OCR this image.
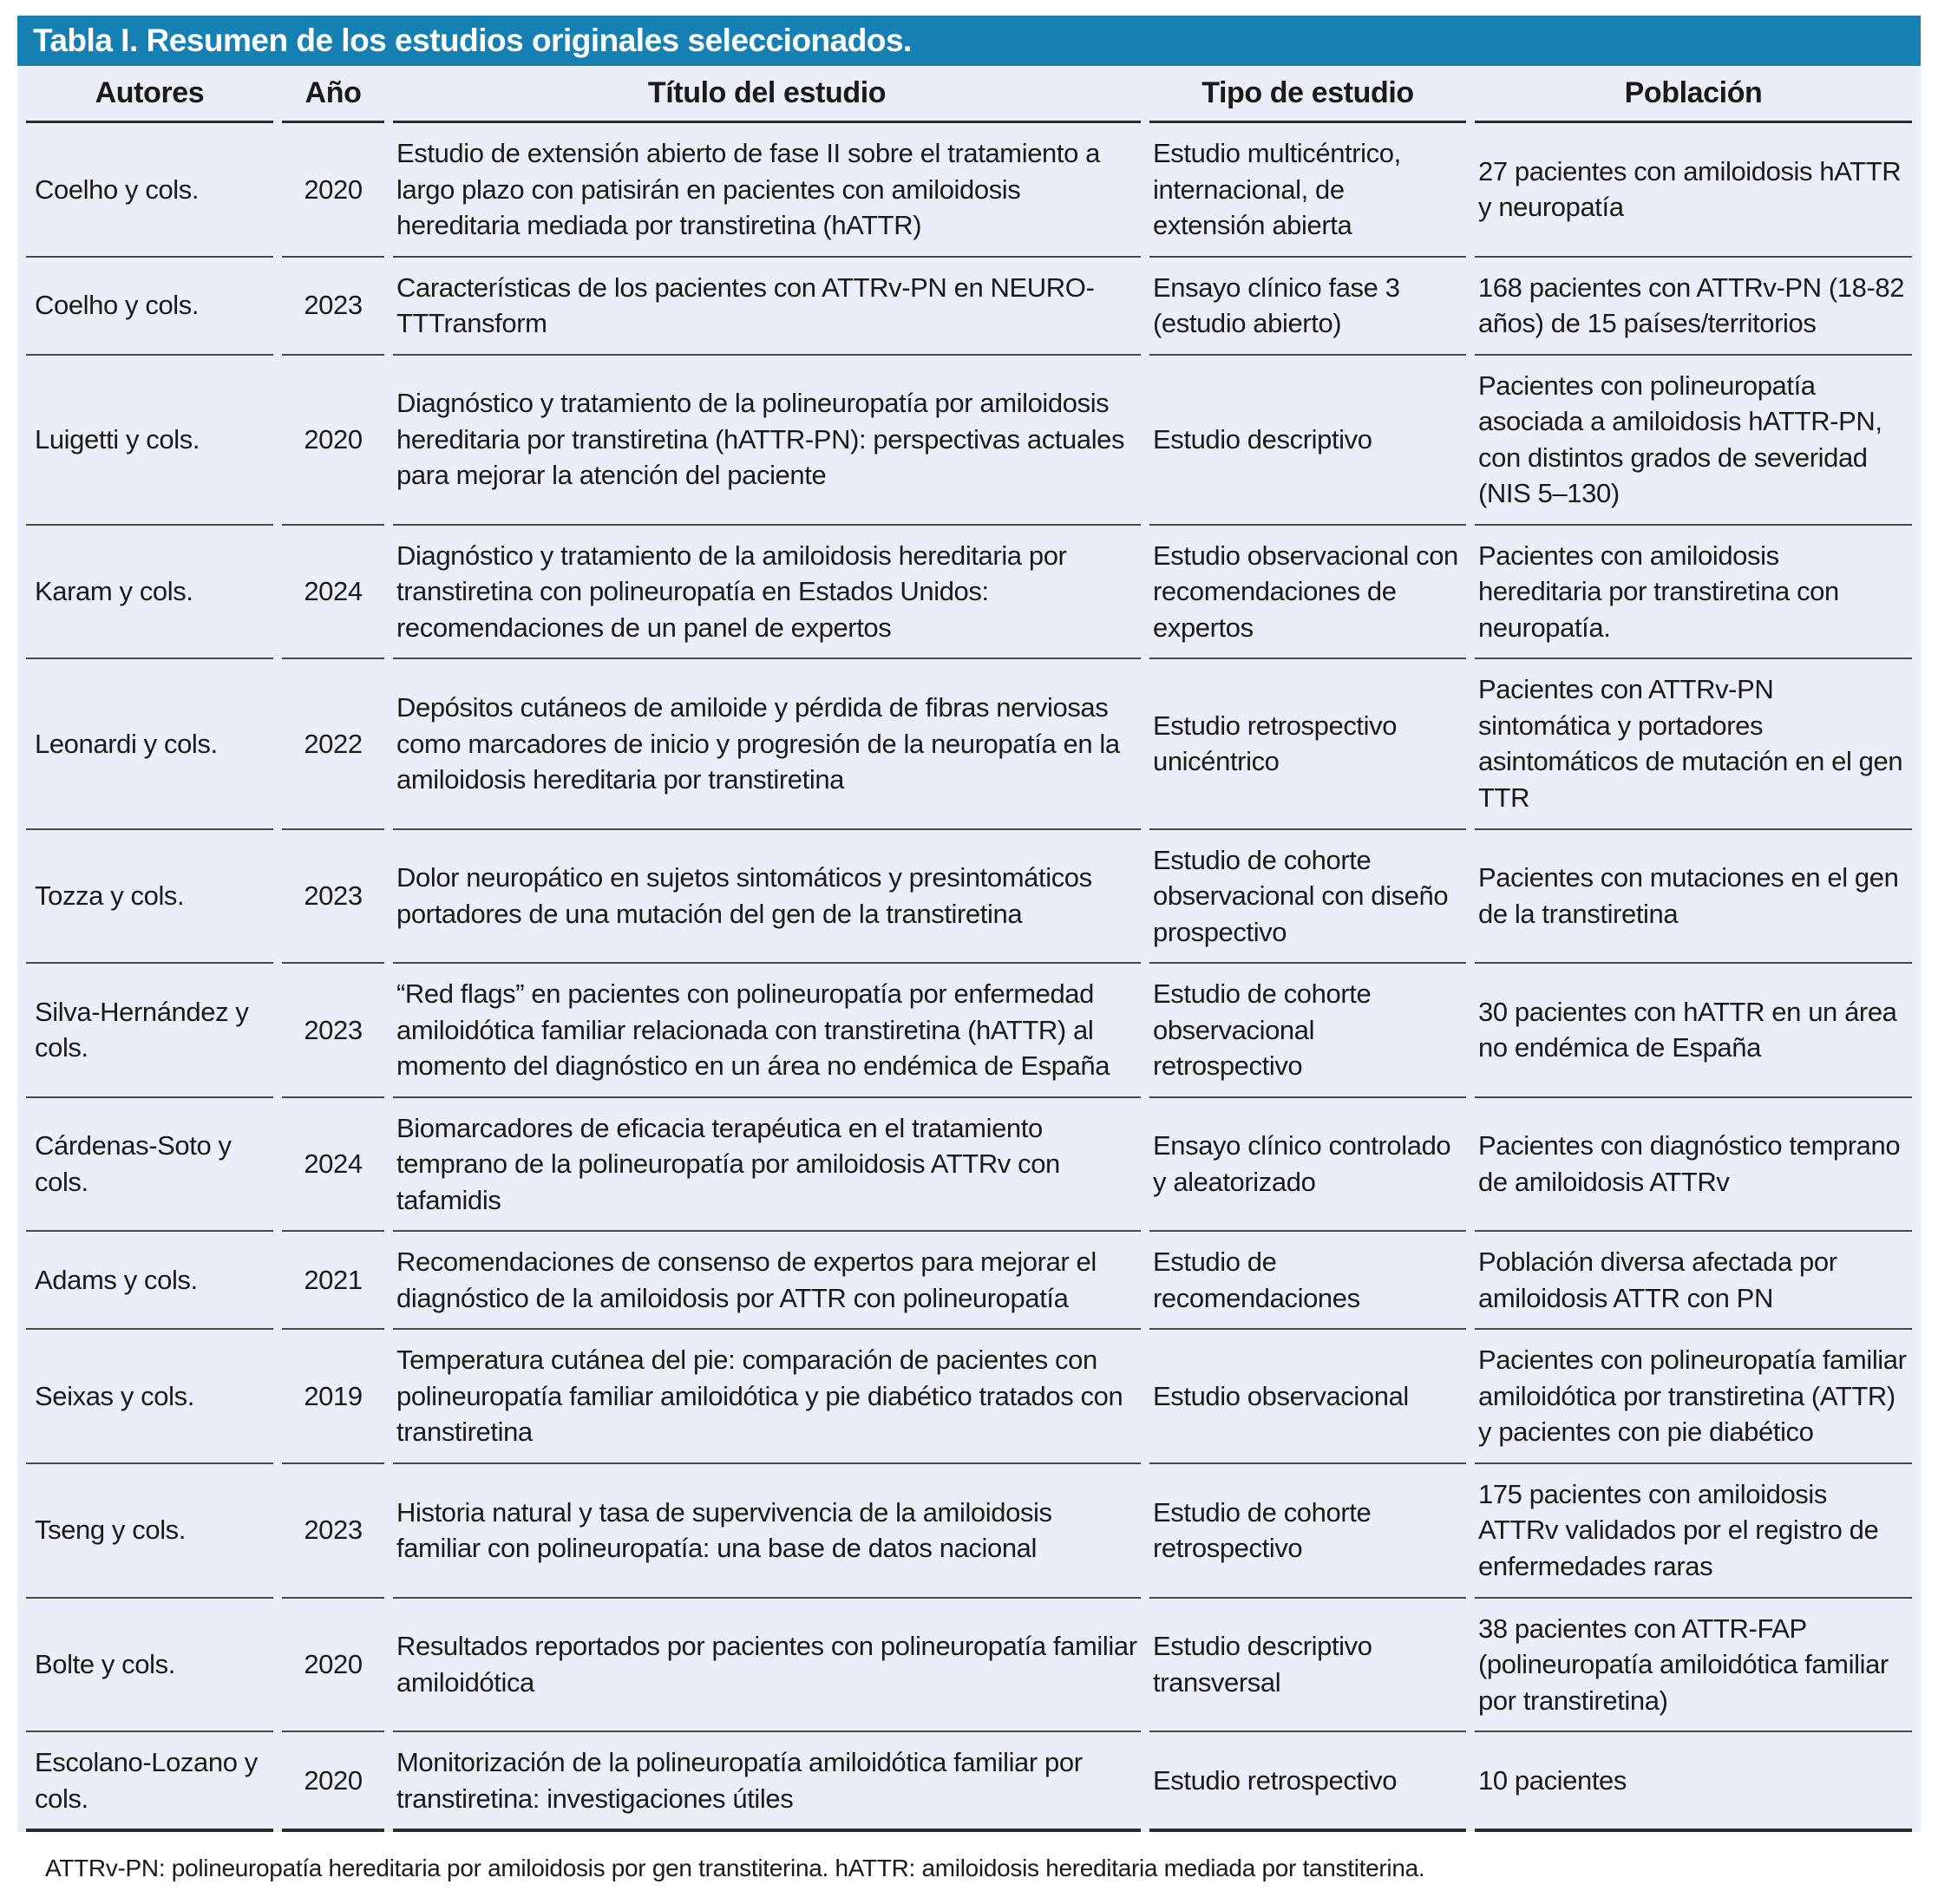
Tabla I. Resumen de los estudios originales seleccionados.
Autores	Año	Título del estudio	Tipo de estudio	Población
Coelho y cols.	2020	Estudio de extensión abierto de fase II sobre el tratamiento a largo plazo con patisirán en pacientes con amiloidosis hereditaria mediada por transtiretina (hATTR)	Estudio multicéntrico, internacional, de extensión abierta	27 pacientes con amiloidosis hATTR y neuropatía
Coelho y cols.	2023	Características de los pacientes con ATTRv-PN en NEURO-TTTransform	Ensayo clínico fase 3 (estudio abierto)	168 pacientes con ATTRv-PN (18-82 años) de 15 países/territorios
Luigetti y cols.	2020	Diagnóstico y tratamiento de la polineuropatía por amiloidosis hereditaria por transtiretina (hATTR-PN): perspectivas actuales para mejorar la atención del paciente	Estudio descriptivo	Pacientes con polineuropatía asociada a amiloidosis hATTR-PN, con distintos grados de severidad (NIS 5–130)
Karam y cols.	2024	Diagnóstico y tratamiento de la amiloidosis hereditaria por transtiretina con polineuropatía en Estados Unidos: recomendaciones de un panel de expertos	Estudio observacional con recomendaciones de expertos	Pacientes con amiloidosis hereditaria por transtiretina con neuropatía.
Leonardi y cols.	2022	Depósitos cutáneos de amiloide y pérdida de fibras nerviosas como marcadores de inicio y progresión de la neuropatía en la amiloidosis hereditaria por transtiretina	Estudio retrospectivo unicéntrico	Pacientes con ATTRv-PN sintomática y portadores asintomáticos de mutación en el gen TTR
Tozza y cols.	2023	Dolor neuropático en sujetos sintomáticos y presintomáticos portadores de una mutación del gen de la transtiretina	Estudio de cohorte observacional con diseño prospectivo	Pacientes con mutaciones en el gen de la transtiretina
Silva-Hernández y cols.	2023	“Red flags” en pacientes con polineuropatía por enfermedad amiloidótica familiar relacionada con transtiretina (hATTR) al momento del diagnóstico en un área no endémica de España	Estudio de cohorte observacional retrospectivo	30 pacientes con hATTR en un área no endémica de España
Cárdenas-Soto y cols.	2024	Biomarcadores de eficacia terapéutica en el tratamiento temprano de la polineuropatía por amiloidosis ATTRv con tafamidis	Ensayo clínico controlado y aleatorizado	Pacientes con diagnóstico temprano de amiloidosis ATTRv
Adams y cols.	2021	Recomendaciones de consenso de expertos para mejorar el diagnóstico de la amiloidosis por ATTR con polineuropatía	Estudio de recomendaciones	Población diversa afectada por amiloidosis ATTR con PN
Seixas y cols.	2019	Temperatura cutánea del pie: comparación de pacientes con polineuropatía familiar amiloidótica y pie diabético tratados con transtiretina	Estudio observacional	Pacientes con polineuropatía familiar amiloidótica por transtiretina (ATTR) y pacientes con pie diabético
Tseng y cols.	2023	Historia natural y tasa de supervivencia de la amiloidosis familiar con polineuropatía: una base de datos nacional	Estudio de cohorte retrospectivo	175 pacientes con amiloidosis ATTRv validados por el registro de enfermedades raras
Bolte y cols.	2020	Resultados reportados por pacientes con polineuropatía familiar amiloidótica	Estudio descriptivo transversal	38 pacientes con ATTR-FAP (polineuropatía amiloidótica familiar por transtiretina)
Escolano-Lozano y cols.	2020	Monitorización de la polineuropatía amiloidótica familiar por transtiretina: investigaciones útiles	Estudio retrospectivo	10 pacientes
ATTRv-PN: polineuropatía hereditaria por amiloidosis por gen transtiterina. hATTR: amiloidosis hereditaria mediada por tanstiterina.
